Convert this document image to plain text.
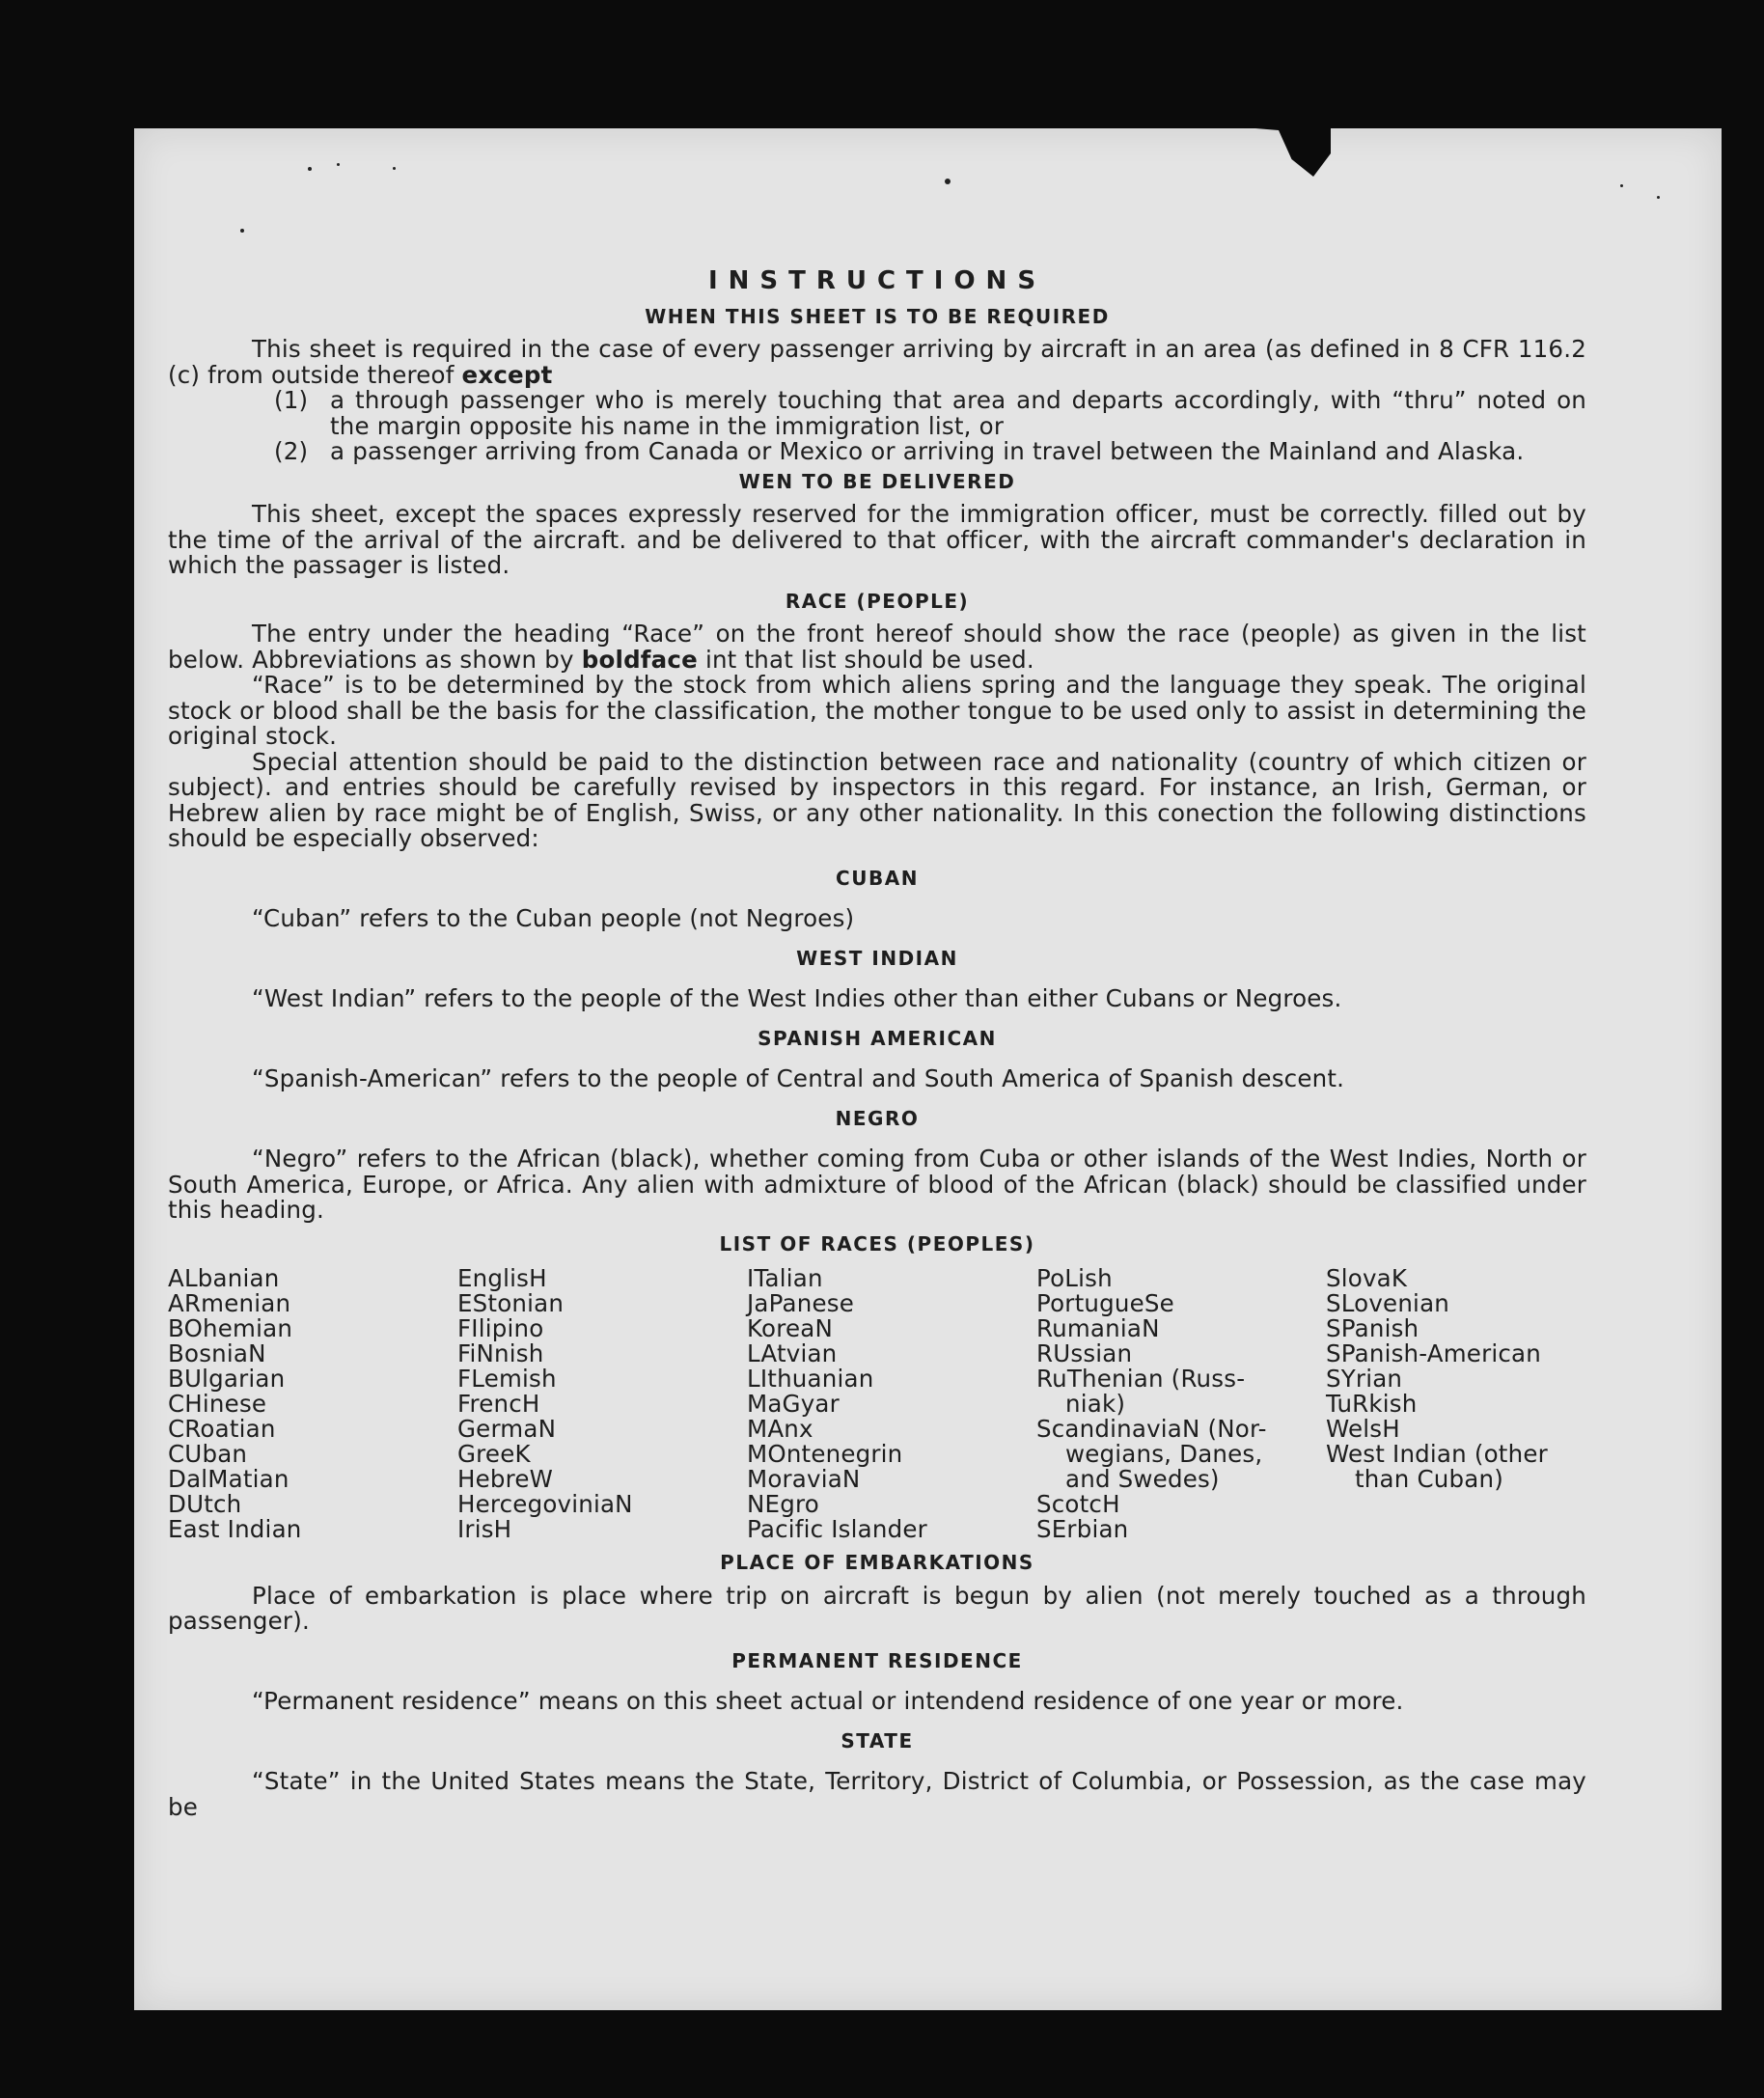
INSTRUCTIONS
WHEN THIS SHEET IS TO BE REQUIRED

This sheet is required in the case of every passenger arriving by aircraft in an area (as defined in 8 CFR 116.2 (c) from outside thereof except

(1) a through passenger who is merely touching that area and departs accordingly, with “thru” noted on the margin opposite his name in the immigration list, or
(2) a passenger arriving from Canada or Mexico or arriving in travel between the Mainland and Alaska.
WEN TO BE DELIVERED

This sheet, except the spaces expressly reserved for the immigration officer, must be correctly. filled out by the time of the arrival of the aircraft. and be delivered to that officer, with the aircraft commander's declaration in which the passager is listed.

RACE (PEOPLE)

The entry under the heading “Race” on the front hereof should show the race (people) as given in the list below. Abbreviations as shown by boldface int that list should be used.

“Race” is to be determined by the stock from which aliens spring and the language they speak. The original stock or blood shall be the basis for the classification, the mother tongue to be used only to assist in determining the original stock.

Special attention should be paid to the distinction between race and nationality (country of which citizen or subject). and entries should be carefully revised by inspectors in this regard. For instance, an Irish, German, or Hebrew alien by race might be of English, Swiss, or any other nationality. In this conection the following distinctions should be especially observed:

CUBAN

“Cuban” refers to the Cuban people (not Negroes)

WEST INDIAN

“West Indian” refers to the people of the West Indies other than either Cubans or Negroes.

SPANISH AMERICAN

“Spanish-American” refers to the people of Central and South America of Spanish descent.

NEGRO

“Negro” refers to the African (black), whether coming from Cuba or other islands of the West Indies, North or South America, Europe, or Africa. Any alien with admixture of blood of the African (black) should be classified under this heading.

LIST OF RACES (PEOPLES)
ALbanian
ARmenian
BOhemian
BosniaN
BUlgarian
CHinese
CRoatian
CUban
DalMatian
DUtch
East Indian
EnglisH
EStonian
FIlipino
FiNnish
FLemish
FrencH
GermaN
GreeK
HebreW
HercegoviniaN
IrisH
ITalian
JaPanese
KoreaN
LAtvian
LIthuanian
MaGyar
MAnx
MOntenegrin
MoraviaN
NEgro
Pacific Islander
PoLish
PortugueSe
RumaniaN
RUssian
RuThenian (Russ-
niak)
ScandinaviaN (Nor-
wegians, Danes,
and Swedes)
ScotcH
SErbian
SlovaK
SLovenian
SPanish
SPanish-American
SYrian
TuRkish
WelsH
West Indian (other
than Cuban)
PLACE OF EMBARKATIONS

Place of embarkation is place where trip on aircraft is begun by alien (not merely touched as a through passenger).

PERMANENT RESIDENCE

“Permanent residence” means on this sheet actual or intendend residence of one year or more.

STATE

“State” in the United States means the State, Territory, District of Columbia, or Possession, as the case may be
